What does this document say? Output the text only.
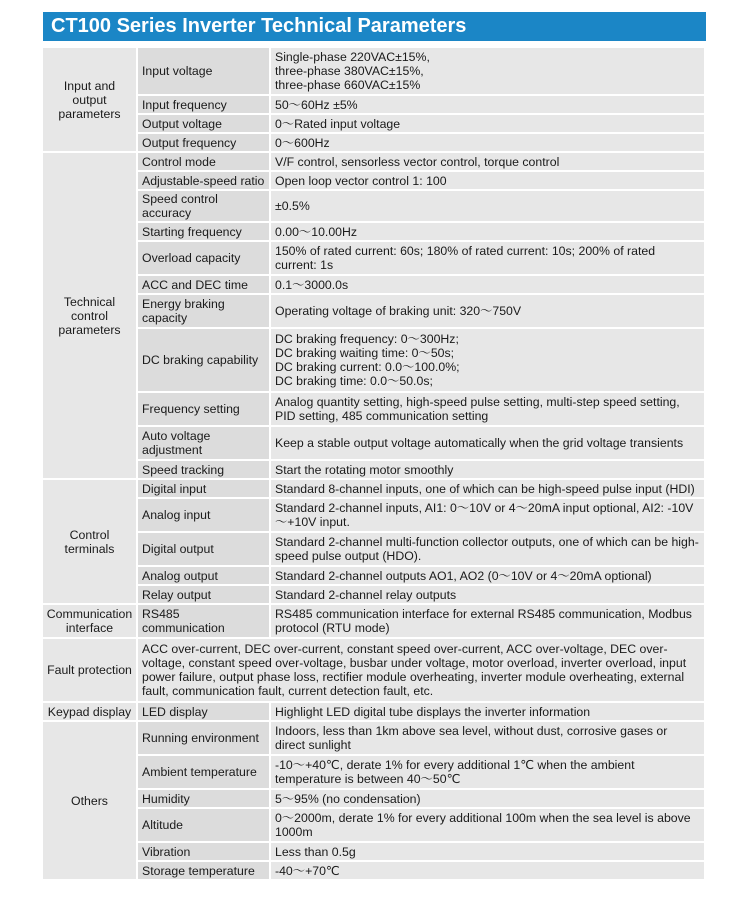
CT100 Series Inverter Technical Parameters
Input and output parameters	Input voltage	Single-phase 220VAC±15%,
three-phase 380VAC±15%,
three-phase 660VAC±15%

	Input frequency	50～60Hz ±5%
	Output voltage	0～Rated input voltage
	Output frequency	0～600Hz
Technical control parameters	Control mode	V/F control, sensorless vector control, torque control
	Adjustable-speed ratio	Open loop vector control 1: 100
	Speed control accuracy	±0.5%
	Starting frequency	0.00～10.00Hz
	Overload capacity	150% of rated current: 60s; 180% of rated current: 10s; 200% of rated current: 1s
	ACC and DEC time	0.1～3000.0s
	Energy braking capacity	Operating voltage of braking unit: 320～750V
	DC braking capability	DC braking frequency: 0～300Hz;
DC braking waiting time: 0～50s;
DC braking current: 0.0～100.0%;
DC braking time: 0.0～50.0s;

	Frequency setting	Analog quantity setting, high-speed pulse setting, multi-step speed setting, PID setting, 485 communication setting
	Auto voltage adjustment	Keep a stable output voltage automatically when the grid voltage transients
	Speed tracking	Start the rotating motor smoothly
Control terminals	Digital input	Standard 8-channel inputs, one of which can be high-speed pulse input (HDI)
	Analog input	Standard 2-channel inputs, AI1: 0～10V or 4～20mA input optional, AI2: -10V～+10V input.
	Digital output	Standard 2-channel multi-function collector outputs, one of which can be high-speed pulse output (HDO).
	Analog output	Standard 2-channel outputs AO1, AO2 (0～10V or 4～20mA optional)
	Relay output	Standard 2-channel relay outputs
Communication interface	RS485 communication	RS485 communication interface for external RS485 communication, Modbus protocol (RTU mode)
Fault protection	ACC over-current, DEC over-current, constant speed over-current, ACC over-voltage, DEC over-voltage, constant speed over-voltage, busbar under voltage, motor overload, inverter overload, input power failure, output phase loss, rectifier module overheating, inverter module overheating, external fault, communication fault, current detection fault, etc.	
Keypad display	LED display	Highlight LED digital tube displays the inverter information
Others	Running environment	Indoors, less than 1km above sea level, without dust, corrosive gases or direct sunlight
	Ambient temperature	-10～+40℃, derate 1% for every additional 1℃ when the ambient temperature is between 40～50℃
	Humidity	5～95% (no condensation)
	Altitude	0～2000m, derate 1% for every additional 100m when the sea level is above 1000m
	Vibration	Less than 0.5g
	Storage temperature	-40～+70℃
